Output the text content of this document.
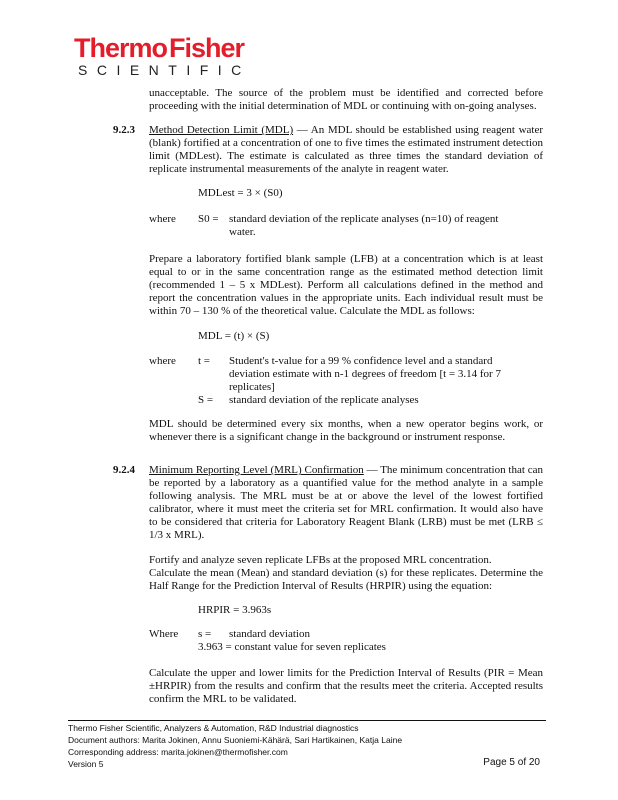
ThermoFisher
SCIENTIFIC
unacceptable. The source of the problem must be identified and corrected before proceeding with the initial determination of MDL or continuing with on-going analyses.
9.2.3 Method Detection Limit (MDL) — An MDL should be established using reagent water (blank) fortified at a concentration of one to five times the estimated instrument detection limit (MDLest). The estimate is calculated as three times the standard deviation of replicate instrumental measurements of the analyte in reagent water.
MDLest = 3 × (S0)
where S0 = standard deviation of the replicate analyses (n=10) of reagent
water.
Prepare a laboratory fortified blank sample (LFB) at a concentration which is at least equal to or in the same concentration range as the estimated method detection limit (recommended 1 – 5 x MDLest). Perform all calculations defined in the method and report the concentration values in the appropriate units. Each individual result must be within 70 – 130 % of the theoretical value. Calculate the MDL as follows:
MDL = (t) × (S)
where t = Student's t-value for a 99 % confidence level and a standard
deviation estimate with n-1 degrees of freedom [t = 3.14 for 7
replicates]
S = standard deviation of the replicate analyses
MDL should be determined every six months, when a new operator begins work, or whenever there is a significant change in the background or instrument response.
9.2.4 Minimum Reporting Level (MRL) Confirmation — The minimum concentration that can be reported by a laboratory as a quantified value for the method analyte in a sample following analysis. The MRL must be at or above the level of the lowest fortified calibrator, where it must meet the criteria set for MRL confirmation. It would also have to be considered that criteria for Laboratory Reagent Blank (LRB) must be met (LRB ≤ 1/3 x MRL).
Fortify and analyze seven replicate LFBs at the proposed MRL concentration.
Calculate the mean (Mean) and standard deviation (s) for these replicates. Determine the Half Range for the Prediction Interval of Results (HRPIR) using the equation:
HRPIR = 3.963s
Where s = standard deviation
3.963 = constant value for seven replicates
Calculate the upper and lower limits for the Prediction Interval of Results (PIR = Mean ±HRPIR) from the results and confirm that the results meet the criteria. Accepted results confirm the MRL to be validated.
Thermo Fisher Scientific, Analyzers & Automation, R&D Industrial diagnostics
Document authors: Marita Jokinen, Annu Suoniemi-Kähärä, Sari Hartikainen, Katja Laine
Corresponding address: marita.jokinen@thermofisher.com
Version 5	Page 5 of 20
